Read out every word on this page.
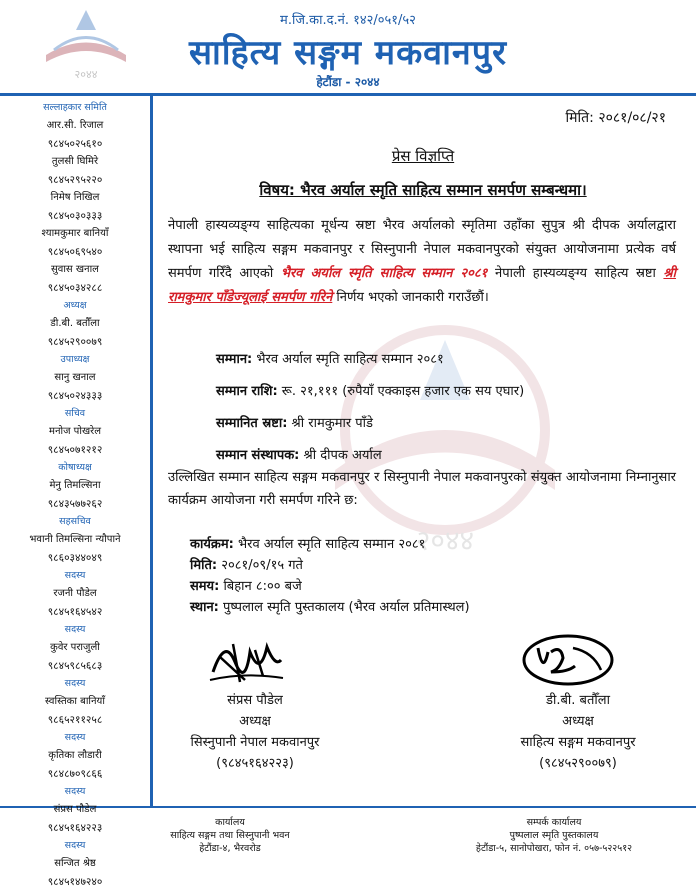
२०४४
म.जि.का.द.नं. १४२/०५१/५२
साहित्य सङ्गम मकवानपुर
हेटौंडा - २०४४
२०४४
सल्लाहकार समिति
आर.सी. रिजाल
९८४५०२५६१०
तुलसी घिमिरे
९८४५२९५२२०
निमेष निखिल
९८४५०३०३३३
श्यामकुमार बानियाँ
९८४५०६९५४०
सुवास खनाल
९८४५०३४२८८
अध्यक्ष
डी.बी. बतौँला
९८४५२९००७९
उपाध्यक्ष
सानु खनाल
९८४५०२४३३३
सचिव
मनोज पोखरेल
९८४५०७१२१२
कोषाध्यक्ष
मेनु तिमल्सिना
९८४३५७७२६२
सहसचिव
भवानी तिमल्सिना न्यौपाने
९८६०३४४०४९
सदस्य
रजनी पौडेल
९८४५१६४५४२
सदस्य
कुवेर पराजुली
९८४५९८५६८३
सदस्य
स्वस्तिका बानियाँ
९८६५२११२५८
सदस्य
कृतिका लौडारी
९८४८७०९८६६
सदस्य
संप्रस पौडेल
९८४५१६४२२३
सदस्य
सन्जित श्रेष्ठ
९८४५१४७२४०
मिति: २०८१/०८/२१
प्रेस विज्ञप्ति
विषय: भैरव अर्याल स्मृति साहित्य सम्मान समर्पण सम्बन्धमा।
नेपाली हास्यव्यङ्ग्य साहित्यका मूर्धन्य स्रष्टा भैरव अर्यालको स्मृतिमा उहाँका सुपुत्र श्री दीपक अर्यालद्वारा स्थापना भई साहित्य सङ्गम मकवानपुर र सिस्नुपानी नेपाल मकवानपुरको संयुक्त आयोजनामा प्रत्येक वर्ष समर्पण गरिँदै आएको भैरव अर्याल स्मृति साहित्य सम्मान २०८१ नेपाली हास्यव्यङ्ग्य साहित्य स्रष्टा श्री रामकुमार पाँडेज्यूलाई समर्पण गरिने निर्णय भएको जानकारी गराउँछौं।
सम्मान: भैरव अर्याल स्मृति साहित्य सम्मान २०८१
सम्मान राशि: रू. २१,१११ (रुपैयाँ एक्काइस हजार एक सय एघार)
सम्मानित स्रष्टा: श्री रामकुमार पाँडे
सम्मान संस्थापक: श्री दीपक अर्याल
उल्लिखित सम्मान साहित्य सङ्गम मकवानपुर र सिस्नुपानी नेपाल मकवानपुरको संयुक्त आयोजनामा निम्नानुसार कार्यक्रम आयोजना गरी समर्पण गरिने छ:
कार्यक्रम: भैरव अर्याल स्मृति साहित्य सम्मान २०८१
मिति: २०८१/०९/१५ गते
समय: बिहान ८:०० बजे
स्थान: पुष्पलाल स्मृति पुस्तकालय (भैरव अर्याल प्रतिमास्थल)
संप्रस पौडेल
अध्यक्ष
सिस्नुपानी नेपाल मकवानपुर
(९८४५१६४२२३)
डी.बी. बतौँला
अध्यक्ष
साहित्य सङ्गम मकवानपुर
(९८४५२९००७९)
कार्यालय
साहित्य सङ्गम तथा सिस्नुपानी भवन
हेटौंडा-४, भैरवरोड
सम्पर्क कार्यालय
पुष्पलाल स्मृति पुस्तकालय
हेटौंडा-५, सानोपोखरा, फोन नं. ०५७-५२२५१२
